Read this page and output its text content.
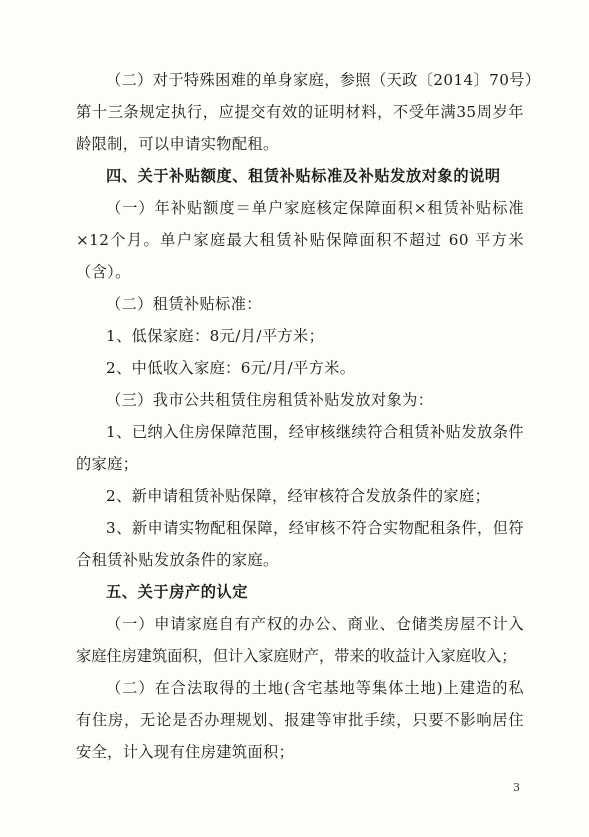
（二）对于特殊困难的单身家庭，参照（天政〔2014〕70号）
第十三条规定执行，应提交有效的证明材料，不受年满35周岁年
龄限制，可以申请实物配租。
四、关于补贴额度、租赁补贴标准及补贴发放对象的说明
（一）年补贴额度＝单户家庭核定保障面积×租赁补贴标准
×12个月。单户家庭最大租赁补贴保障面积不超过 60 平方米
（含）。
（二）租赁补贴标准：
1、低保家庭：8元/月/平方米；
2、中低收入家庭：6元/月/平方米。
（三）我市公共租赁住房租赁补贴发放对象为：
1、已纳入住房保障范围，经审核继续符合租赁补贴发放条件
的家庭；
2、新申请租赁补贴保障，经审核符合发放条件的家庭；
3、新申请实物配租保障，经审核不符合实物配租条件，但符
合租赁补贴发放条件的家庭。
五、关于房产的认定
（一）申请家庭自有产权的办公、商业、仓储类房屋不计入
家庭住房建筑面积，但计入家庭财产，带来的收益计入家庭收入；
（二）在合法取得的土地(含宅基地等集体土地)上建造的私
有住房，无论是否办理规划、报建等审批手续，只要不影响居住
安全，计入现有住房建筑面积；
3
